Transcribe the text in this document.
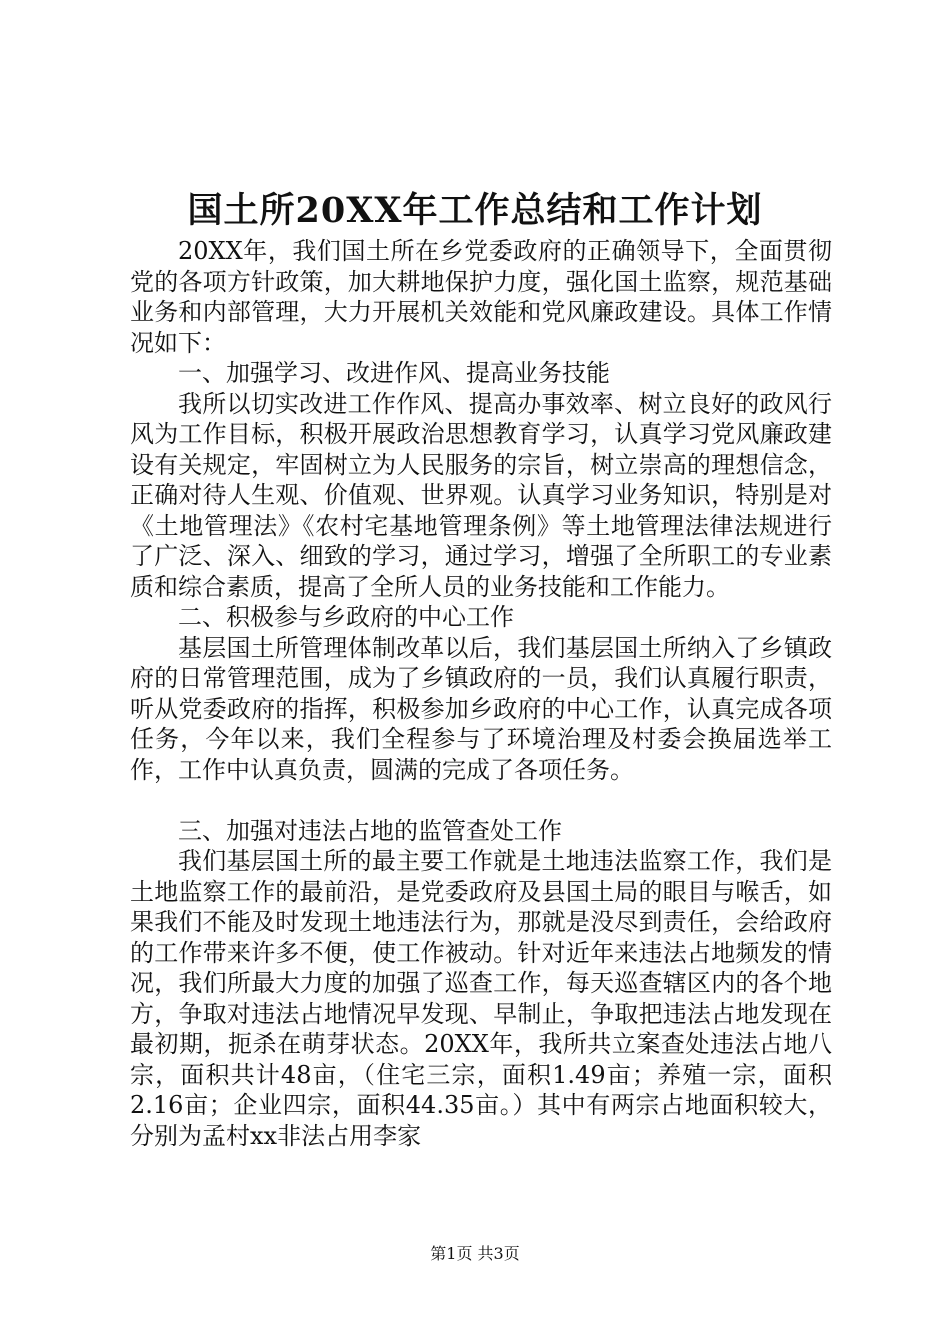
国土所20XX年工作总结和工作计划

20XX年，我们国土所在乡党委政府的正确领导下，全面贯彻党的各项方针政策，加大耕地保护力度，强化国土监察，规范基础业务和内部管理，大力开展机关效能和党风廉政建设。具体工作情况如下：

一、加强学习、改进作风、提高业务技能

我所以切实改进工作作风、提高办事效率、树立良好的政风行风为工作目标，积极开展政治思想教育学习，认真学习党风廉政建设有关规定，牢固树立为人民服务的宗旨，树立崇高的理想信念，正确对待人生观、价值观、世界观。认真学习业务知识，特别是对《土地管理法》《农村宅基地管理条例》等土地管理法律法规进行了广泛、深入、细致的学习，通过学习，增强了全所职工的专业素质和综合素质，提高了全所人员的业务技能和工作能力。

二、积极参与乡政府的中心工作

基层国土所管理体制改革以后，我们基层国土所纳入了乡镇政府的日常管理范围，成为了乡镇政府的一员，我们认真履行职责，听从党委政府的指挥，积极参加乡政府的中心工作，认真完成各项任务，今年以来，我们全程参与了环境治理及村委会换届选举工作，工作中认真负责，圆满的完成了各项任务。

三、加强对违法占地的监管查处工作

我们基层国土所的最主要工作就是土地违法监察工作，我们是土地监察工作的最前沿，是党委政府及县国土局的眼目与喉舌，如果我们不能及时发现土地违法行为，那就是没尽到责任，会给政府的工作带来许多不便，使工作被动。针对近年来违法占地频发的情况，我们所最大力度的加强了巡查工作，每天巡查辖区内的各个地方，争取对违法占地情况早发现、早制止，争取把违法占地发现在最初期，扼杀在萌芽状态。20XX年，我所共立案查处违法占地八宗，面积共计48亩，（住宅三宗，面积1.49亩；养殖一宗，面积2.16亩；企业四宗，面积44.35亩。）其中有两宗占地面积较大，分别为孟村xx非法占用李家

第1页 共3页
